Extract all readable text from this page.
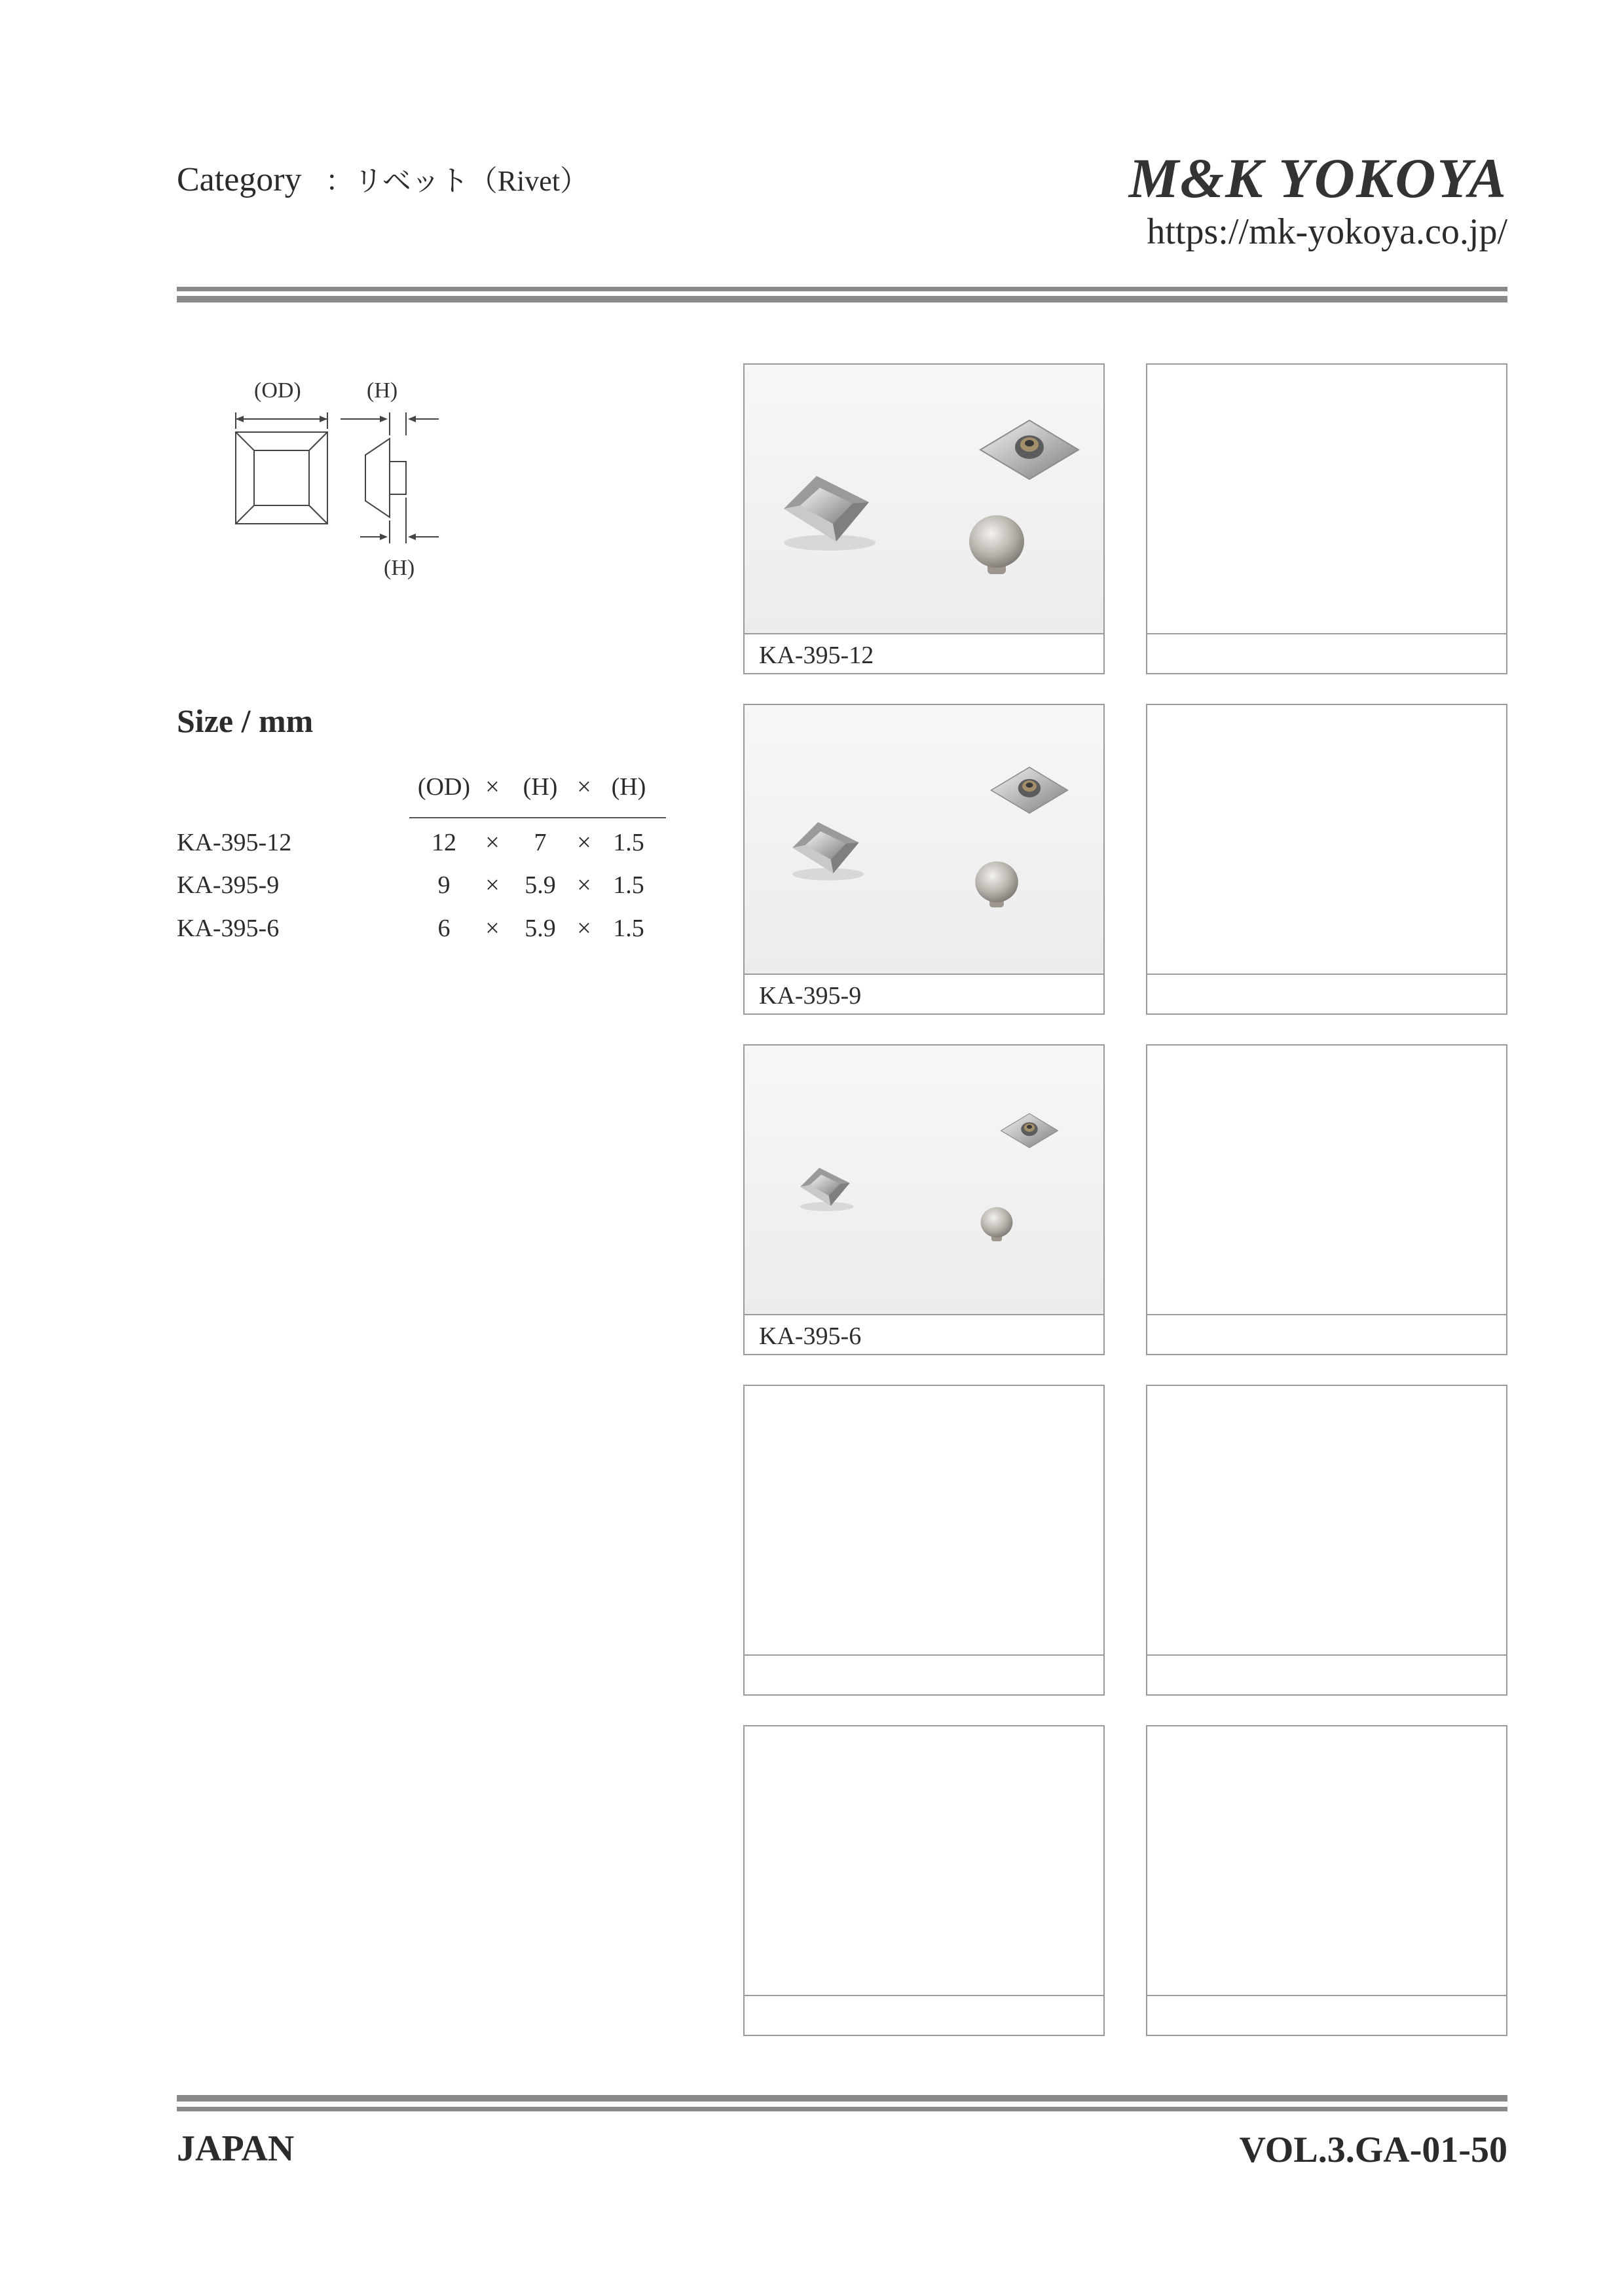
Category ：リベット（Rivet）	M&K YOKOYA
https://mk-yokoya.co.jp/
(OD)	(H)
(H)
Size / mm
(OD) × (H) × (H)
KA-395-12	12	×	7	× 1.5
KA-395-9	9	×	5.9 × 1.5
KA-395-6	6	×	5.9 × 1.5
KA-395-12
KA-395-9
KA-395-6
JAPAN	VOL.3.GA-01-50
